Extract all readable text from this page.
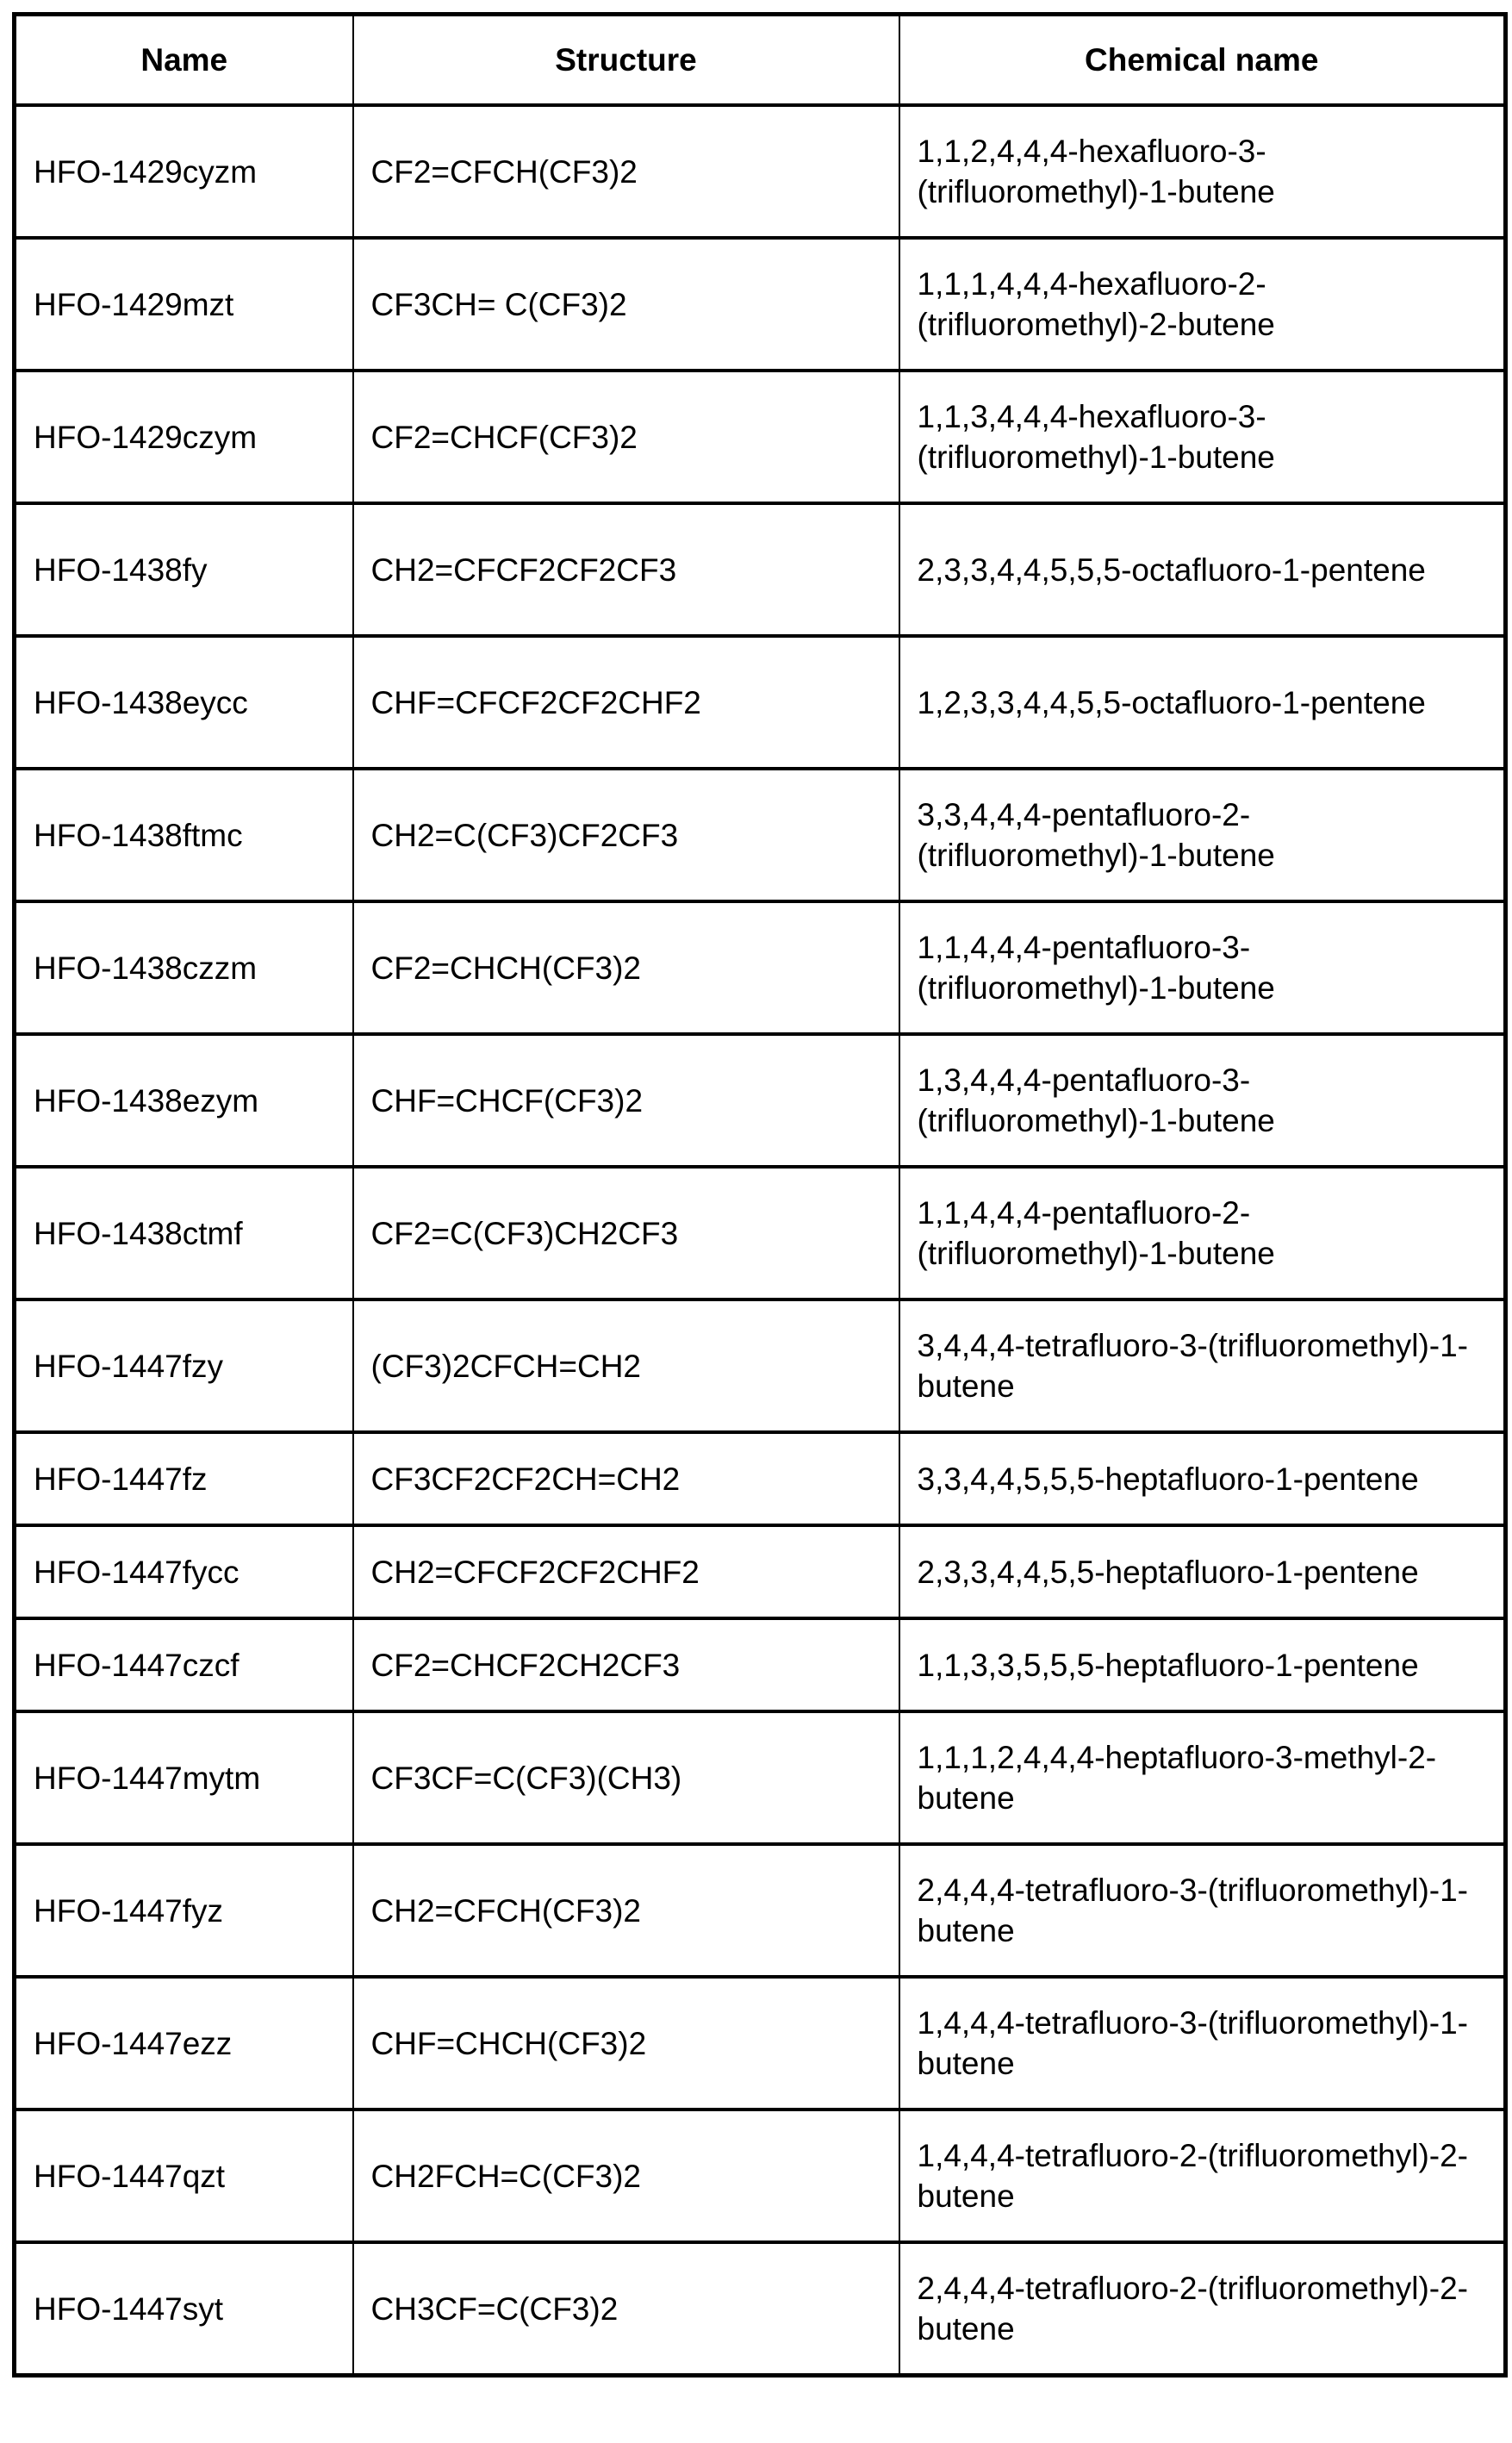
Name	Structure	Chemical name
HFO-1429cyzm	CF2=CFCH(CF3)2	1,1,2,4,4,4-hexafluoro-3-(trifluoromethyl)-1-butene
HFO-1429mzt	CF3CH= C(CF3)2	1,1,1,4,4,4-hexafluoro-2-(trifluoromethyl)-2-butene
HFO-1429czym	CF2=CHCF(CF3)2	1,1,3,4,4,4-hexafluoro-3-(trifluoromethyl)-1-butene
HFO-1438fy	CH2=CFCF2CF2CF3	2,3,3,4,4,5,5,5-octafluoro-1-pentene
HFO-1438eycc	CHF=CFCF2CF2CHF2	1,2,3,3,4,4,5,5-octafluoro-1-pentene
HFO-1438ftmc	CH2=C(CF3)CF2CF3	3,3,4,4,4-pentafluoro-2-(trifluoromethyl)-1-butene
HFO-1438czzm	CF2=CHCH(CF3)2	1,1,4,4,4-pentafluoro-3-(trifluoromethyl)-1-butene
HFO-1438ezym	CHF=CHCF(CF3)2	1,3,4,4,4-pentafluoro-3-(trifluoromethyl)-1-butene
HFO-1438ctmf	CF2=C(CF3)CH2CF3	1,1,4,4,4-pentafluoro-2-(trifluoromethyl)-1-butene
HFO-1447fzy	(CF3)2CFCH=CH2	3,4,4,4-tetrafluoro-3-(trifluoromethyl)-1-butene
HFO-1447fz	CF3CF2CF2CH=CH2	3,3,4,4,5,5,5-heptafluoro-1-pentene
HFO-1447fycc	CH2=CFCF2CF2CHF2	2,3,3,4,4,5,5-heptafluoro-1-pentene
HFO-1447czcf	CF2=CHCF2CH2CF3	1,1,3,3,5,5,5-heptafluoro-1-pentene
HFO-1447mytm	CF3CF=C(CF3)(CH3)	1,1,1,2,4,4,4-heptafluoro-3-methyl-2-butene
HFO-1447fyz	CH2=CFCH(CF3)2	2,4,4,4-tetrafluoro-3-(trifluoromethyl)-1-butene
HFO-1447ezz	CHF=CHCH(CF3)2	1,4,4,4-tetrafluoro-3-(trifluoromethyl)-1-butene
HFO-1447qzt	CH2FCH=C(CF3)2	1,4,4,4-tetrafluoro-2-(trifluoromethyl)-2-butene
HFO-1447syt	CH3CF=C(CF3)2	2,4,4,4-tetrafluoro-2-(trifluoromethyl)-2-butene
